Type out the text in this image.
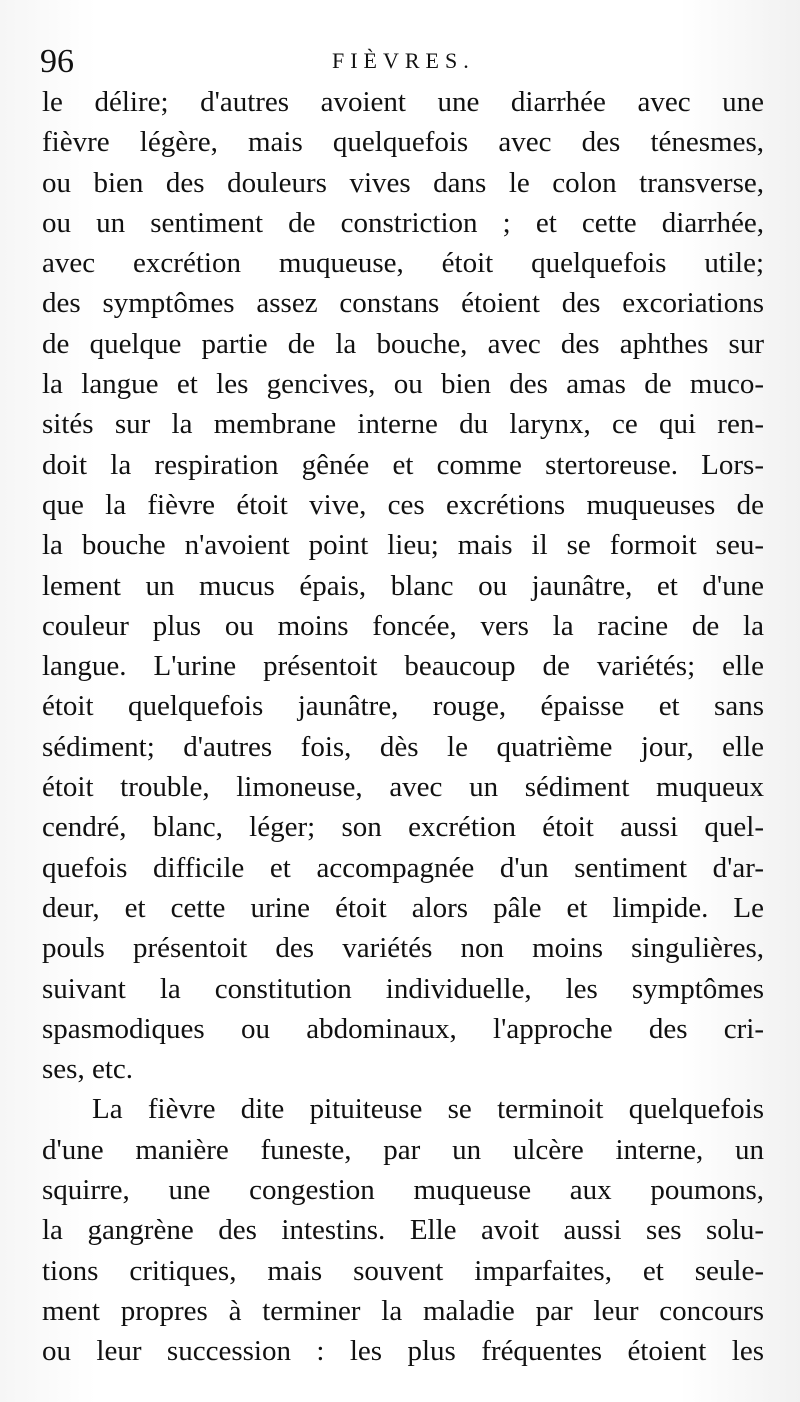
96	FIÈVRES.
le délire; d'autres avoient une diarrhée avec une
fièvre légère, mais quelquefois avec des ténesmes,
ou bien des douleurs vives dans le colon transverse,
ou un sentiment de constriction ; et cette diarrhée,
avec excrétion muqueuse, étoit quelquefois utile;
des symptômes assez constans étoient des excoriations
de quelque partie de la bouche, avec des aphthes sur
la langue et les gencives, ou bien des amas de muco-
sités sur la membrane interne du larynx, ce qui ren-
doit la respiration gênée et comme stertoreuse. Lors-
que la fièvre étoit vive, ces excrétions muqueuses de
la bouche n'avoient point lieu; mais il se formoit seu-
lement un mucus épais, blanc ou jaunâtre, et d'une
couleur plus ou moins foncée, vers la racine de la
langue. L'urine présentoit beaucoup de variétés; elle
étoit quelquefois jaunâtre, rouge, épaisse et sans
sédiment; d'autres fois, dès le quatrième jour, elle
étoit trouble, limoneuse, avec un sédiment muqueux
cendré, blanc, léger; son excrétion étoit aussi quel-
quefois difficile et accompagnée d'un sentiment d'ar-
deur, et cette urine étoit alors pâle et limpide. Le
pouls présentoit des variétés non moins singulières,
suivant la constitution individuelle, les symptômes
spasmodiques ou abdominaux, l'approche des cri-
ses, etc.
La fièvre dite pituiteuse se terminoit quelquefois
d'une manière funeste, par un ulcère interne, un
squirre, une congestion muqueuse aux poumons,
la gangrène des intestins. Elle avoit aussi ses solu-
tions critiques, mais souvent imparfaites, et seule-
ment propres à terminer la maladie par leur concours
ou leur succession : les plus fréquentes étoient les
